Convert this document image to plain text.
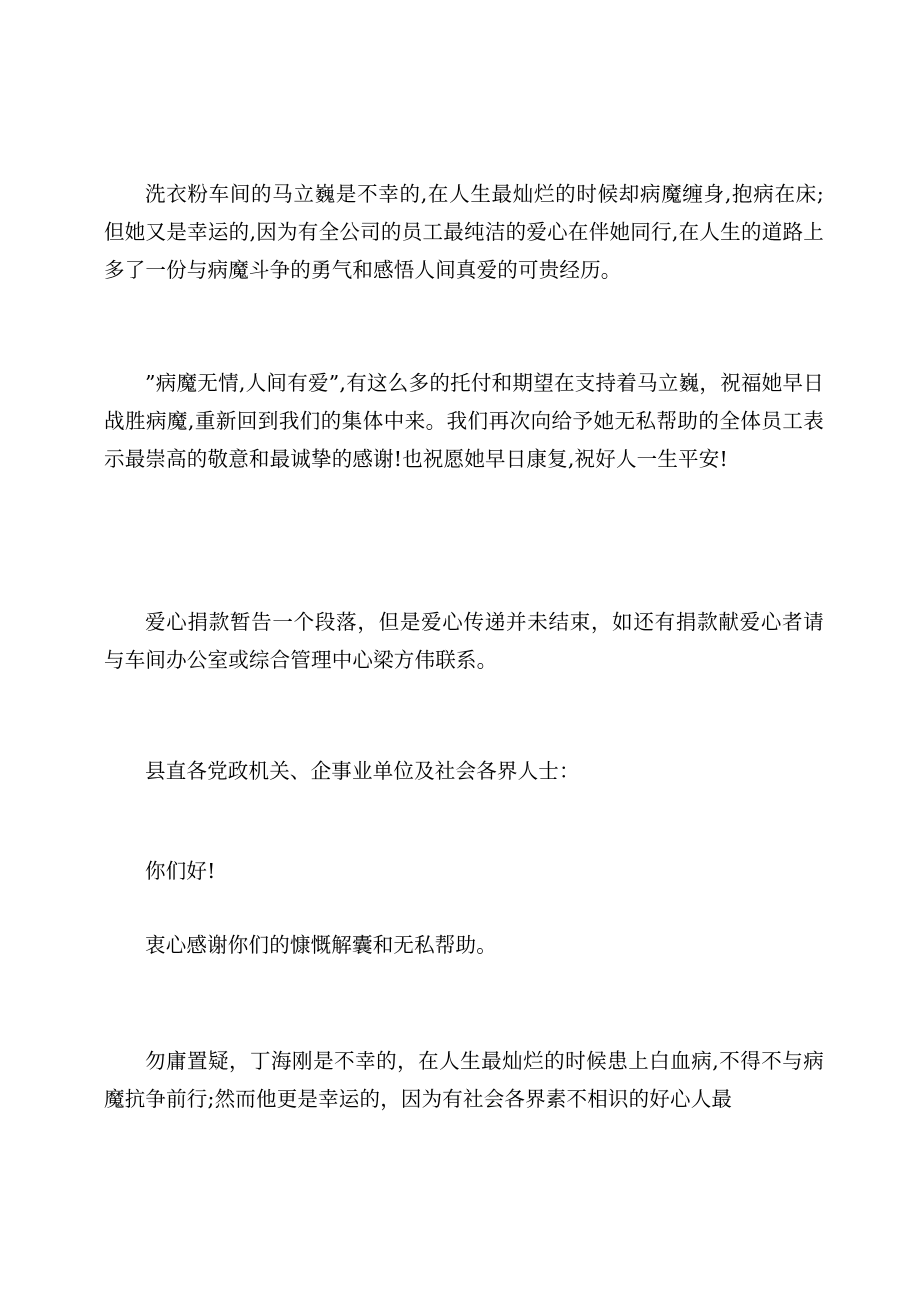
洗衣粉车间的马立巍是不幸的,在人生最灿烂的时候却病魔缠身,抱病在床;但她又是幸运的,因为有全公司的员工最纯洁的爱心在伴她同行,在人生的道路上多了一份与病魔斗争的勇气和感悟人间真爱的可贵经历。

”病魔无情,人间有爱”,有这么多的托付和期望在支持着马立巍，祝福她早日战胜病魔,重新回到我们的集体中来。我们再次向给予她无私帮助的全体员工表示最崇高的敬意和最诚挚的感谢!也祝愿她早日康复,祝好人一生平安!

爱心捐款暂告一个段落，但是爱心传递并未结束，如还有捐款献爱心者请与车间办公室或综合管理中心梁方伟联系。

县直各党政机关、企事业单位及社会各界人士：

你们好!

衷心感谢你们的慷慨解囊和无私帮助。

勿庸置疑，丁海刚是不幸的，在人生最灿烂的时候患上白血病,不得不与病魔抗争前行;然而他更是幸运的，因为有社会各界素不相识的好心人最
